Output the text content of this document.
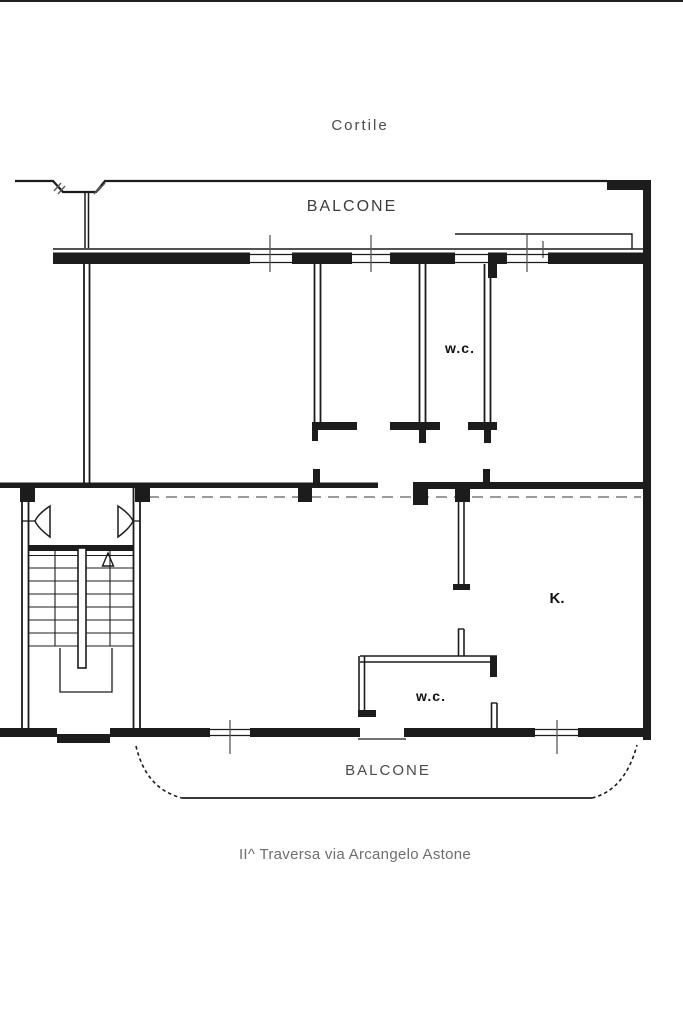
Cortile
BALCONE
w.c.
K.
w.c.
BALCONE
II^ Traversa via Arcangelo Astone
